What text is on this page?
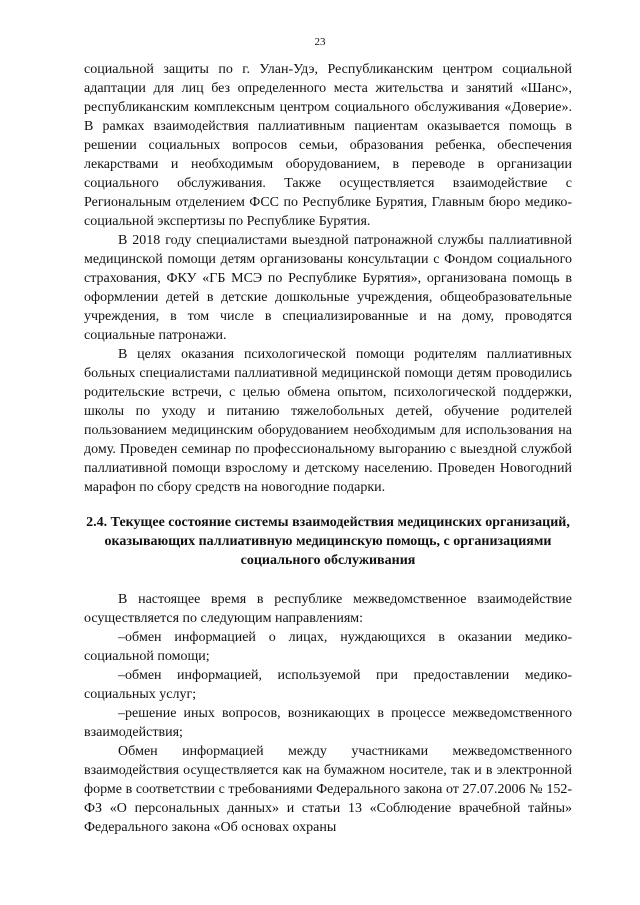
23

социальной защиты по г. Улан-Удэ, Республиканским центром социальной адаптации для лиц без определенного места жительства и занятий «Шанс», республиканским комплексным центром социального обслуживания «Доверие». В рамках взаимодействия паллиативным пациентам оказывается помощь в решении социальных вопросов семьи, образования ребенка, обеспечения лекарствами и необходимым оборудованием, в переводе в организации социального обслуживания. Также осуществляется взаимодействие с Региональным отделением ФСС по Республике Бурятия, Главным бюро медико-социальной экспертизы по Республике Бурятия.

В 2018 году специалистами выездной патронажной службы паллиативной медицинской помощи детям организованы консультации с Фондом социального страхования, ФКУ «ГБ МСЭ по Республике Бурятия», организована помощь в оформлении детей в детские дошкольные учреждения, общеобразовательные учреждения, в том числе в специализированные и на дому, проводятся социальные патронажи.

В целях оказания психологической помощи родителям паллиативных больных специалистами паллиативной медицинской помощи детям проводились родительские встречи, с целью обмена опытом, психологической поддержки, школы по уходу и питанию тяжелобольных детей, обучение родителей пользованием медицинским оборудованием необходимым для использования на дому. Проведен семинар по профессиональному выгоранию с выездной службой паллиативной помощи взрослому и детскому населению. Проведен Новогодний марафон по сбору средств на новогодние подарки.

2.4. Текущее состояние системы взаимодействия медицинских организаций, оказывающих паллиативную медицинскую помощь, с организациями социального обслуживания

В настоящее время в республике межведомственное взаимодействие осуществляется по следующим направлениям:

–обмен информацией о лицах, нуждающихся в оказании медико-социальной помощи;

–обмен информацией, используемой при предоставлении медико-социальных услуг;

–решение иных вопросов, возникающих в процессе межведомственного взаимодействия;

Обмен информацией между участниками межведомственного взаимодействия осуществляется как на бумажном носителе, так и в электронной форме в соответствии с требованиями Федерального закона от 27.07.2006 № 152-ФЗ «О персональных данных» и статьи 13 «Соблюдение врачебной тайны» Федерального закона «Об основах охраны
